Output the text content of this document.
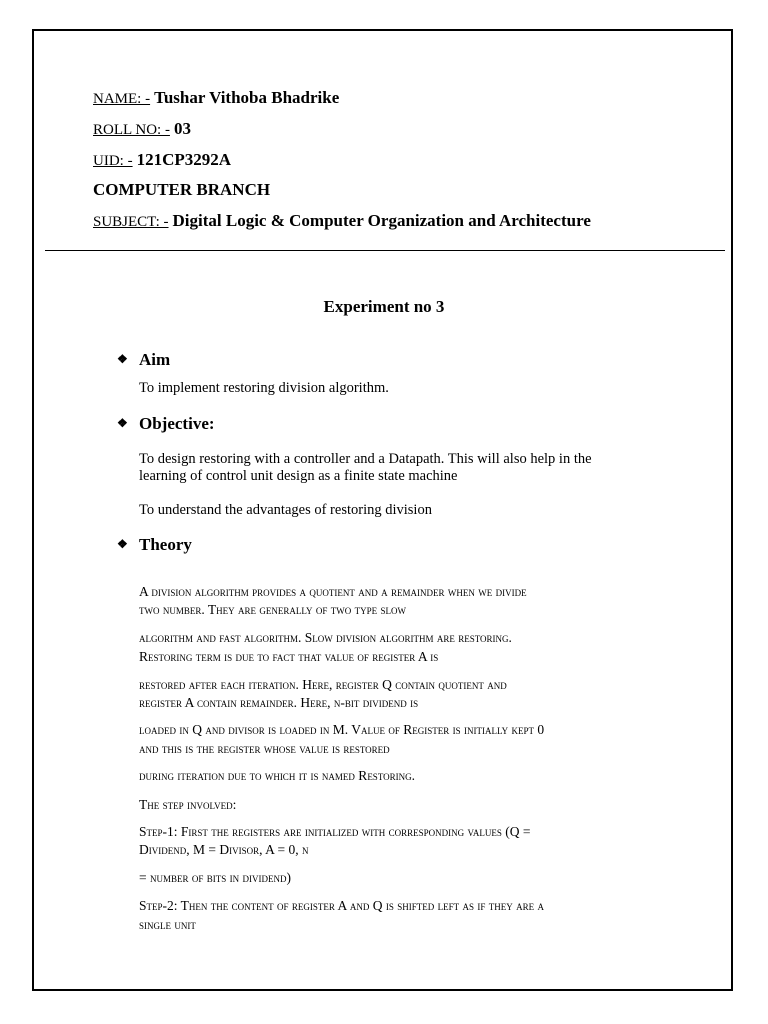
NAME: - Tushar Vithoba Bhadrike
ROLL NO: - 03
UID: - 121CP3292A
COMPUTER BRANCH
SUBJECT: - Digital Logic & Computer Organization and Architecture
Experiment no 3
❖ Aim
To implement restoring division algorithm.
❖ Objective:
To design restoring with a controller and a Datapath. This will also help in the
learning of control unit design as a finite state machine
To understand the advantages of restoring division
❖ Theory
A division algorithm provides a quotient and a remainder when we divide
two number. They are generally of two type slow
algorithm and fast algorithm. Slow division algorithm are restoring.
Restoring term is due to fact that value of register A is
restored after each iteration. Here, register Q contain quotient and
register A contain remainder. Here, n-bit dividend is
loaded in Q and divisor is loaded in M. Value of Register is initially kept 0
and this is the register whose value is restored
during iteration due to which it is named Restoring.
The step involved:
Step-1: First the registers are initialized with corresponding values (Q =
Dividend, M = Divisor, A = 0, n
= number of bits in dividend)
Step-2: Then the content of register A and Q is shifted left as if they are a
single unit
